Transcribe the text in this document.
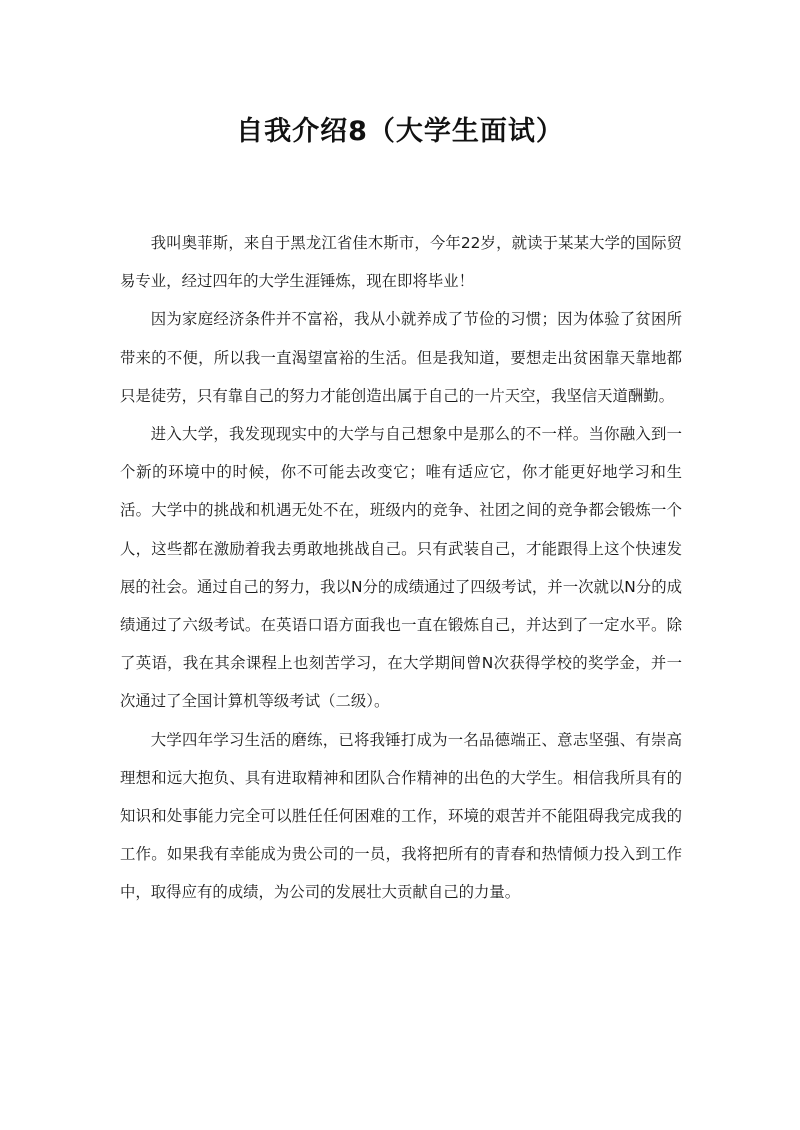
自我介绍8（大学生面试）

我叫奥菲斯，来自于黑龙江省佳木斯市，今年22岁，就读于某某大学的国际贸易专业，经过四年的大学生涯锤炼，现在即将毕业！

因为家庭经济条件并不富裕，我从小就养成了节俭的习惯；因为体验了贫困所带来的不便，所以我一直渴望富裕的生活。但是我知道，要想走出贫困靠天靠地都只是徒劳，只有靠自己的努力才能创造出属于自己的一片天空，我坚信天道酬勤。

进入大学，我发现现实中的大学与自己想象中是那么的不一样。当你融入到一个新的环境中的时候，你不可能去改变它；唯有适应它，你才能更好地学习和生活。大学中的挑战和机遇无处不在，班级内的竞争、社团之间的竞争都会锻炼一个人，这些都在激励着我去勇敢地挑战自己。只有武装自己，才能跟得上这个快速发展的社会。通过自己的努力，我以N分的成绩通过了四级考试，并一次就以N分的成绩通过了六级考试。在英语口语方面我也一直在锻炼自己，并达到了一定水平。除了英语，我在其余课程上也刻苦学习，在大学期间曾N次获得学校的奖学金，并一次通过了全国计算机等级考试（二级）。

大学四年学习生活的磨练，已将我锤打成为一名品德端正、意志坚强、有崇高理想和远大抱负、具有进取精神和团队合作精神的出色的大学生。相信我所具有的知识和处事能力完全可以胜任任何困难的工作，环境的艰苦并不能阻碍我完成我的工作。如果我有幸能成为贵公司的一员，我将把所有的青春和热情倾力投入到工作中，取得应有的成绩，为公司的发展壮大贡献自己的力量。
